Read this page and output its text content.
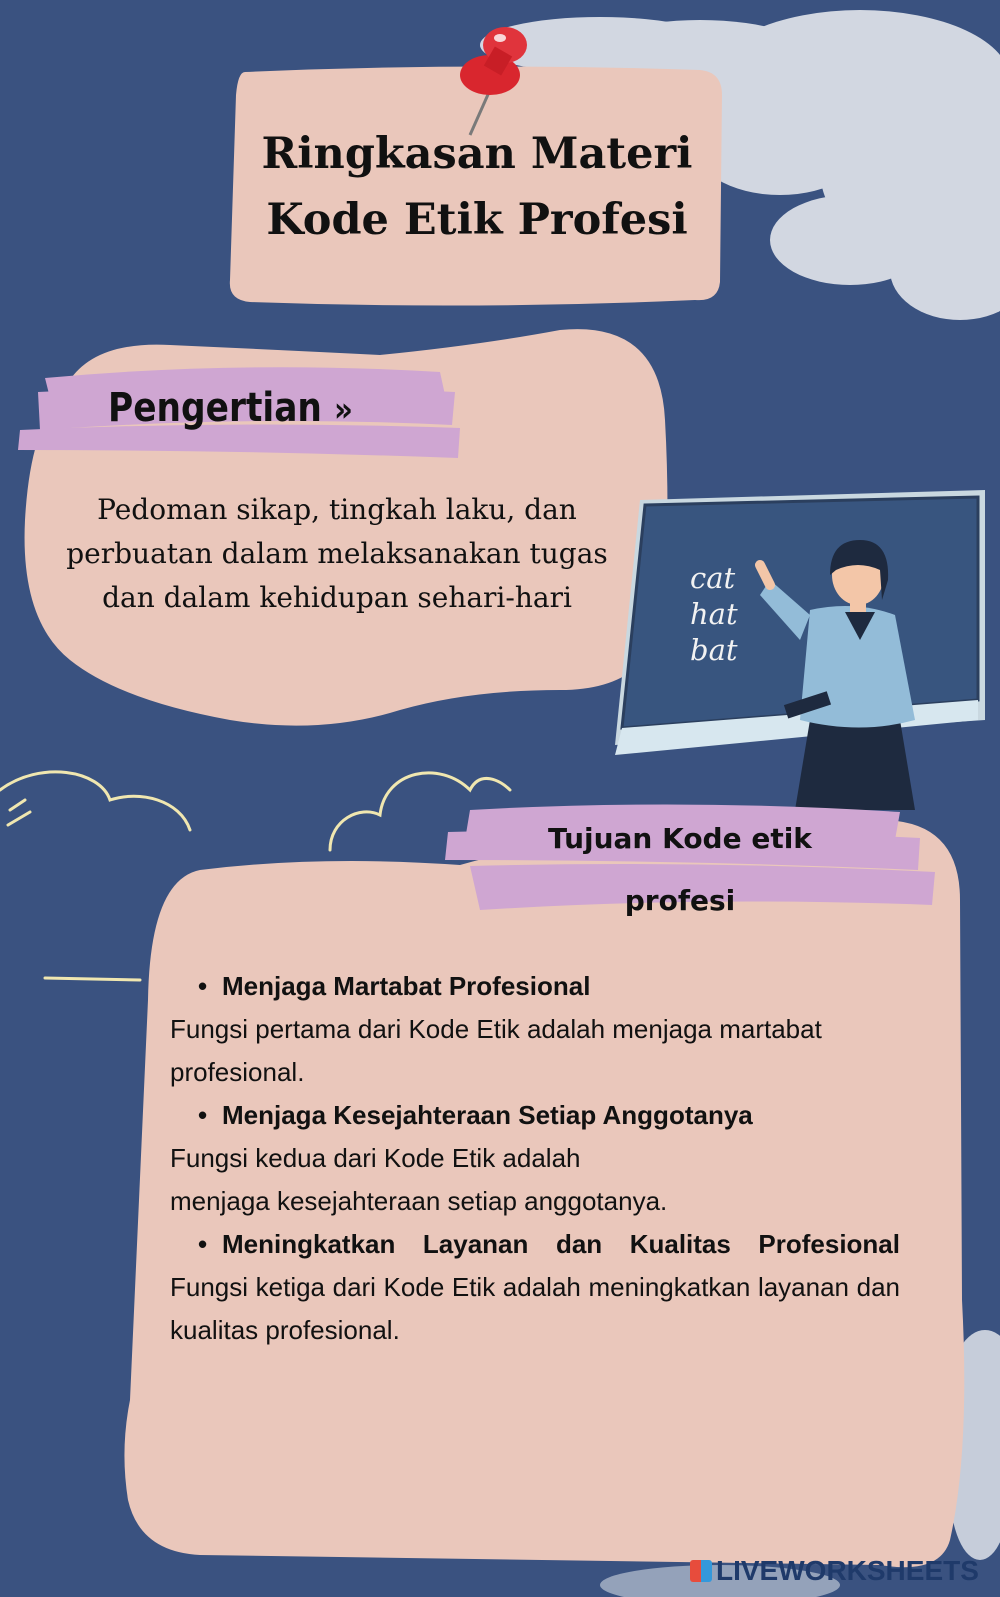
Ringkasan Materi
Kode Etik Profesi
Pengertian »
Pedoman sikap, tingkah laku, dan perbuatan dalam melaksanakan tugas dan dalam kehidupan sehari-hari
cat
hat
bat
Tujuan Kode etik
profesi
• Menjaga Martabat Profesional

Fungsi pertama dari Kode Etik adalah menjaga martabat profesional.

• Menjaga Kesejahteraan Setiap Anggotanya

Fungsi kedua dari Kode Etik adalah

menjaga kesejahteraan setiap anggotanya.

• Meningkatkan Layanan dan Kualitas Profesional

Fungsi ketiga dari Kode Etik adalah meningkatkan layanan dan kualitas profesional.

LIVEWORKSHEETS
